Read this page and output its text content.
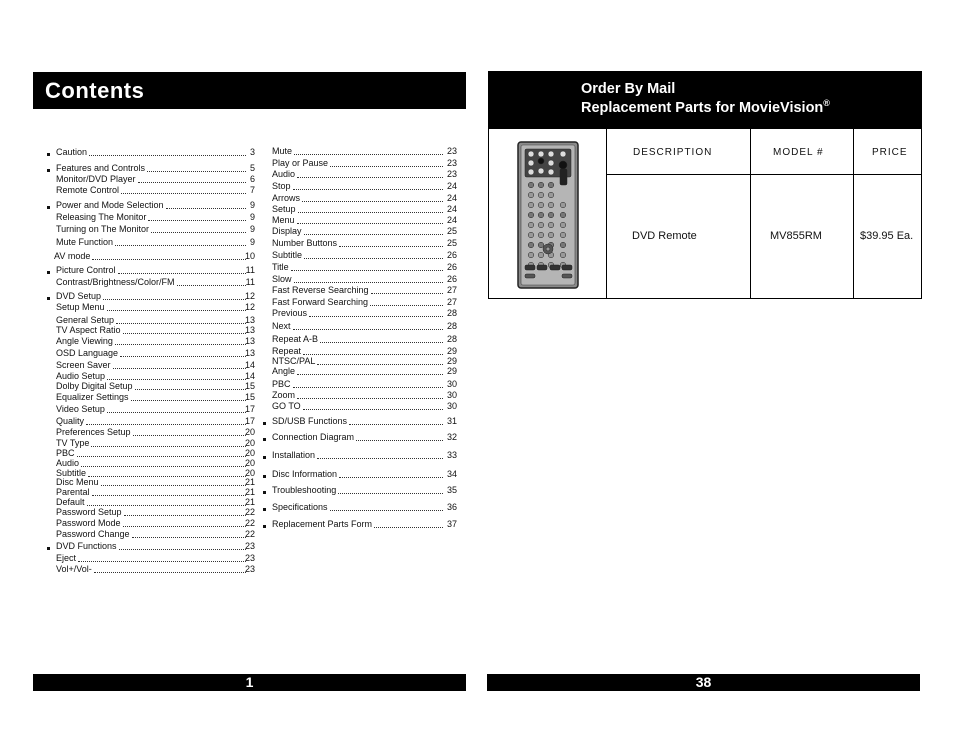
Contents
Caution	3
Features and Controls	5
Monitor/DVD Player	6
Remote Control	7
Power and Mode Selection	9
Releasing The Monitor	9
Turning on The Monitor	9
Mute Function	9
AV mode	10
Picture Control	11
Contrast/Brightness/Color/FM	11
DVD Setup	12
Setup Menu	12
General Setup	13
TV Aspect Ratio	13
Angle Viewing	13
OSD Language	13
Screen Saver	14
Audio Setup	14
Dolby Digital Setup	15
Equalizer Settings	15
Video Setup	17
Quality	17
Preferences Setup	20
TV Type	20
PBC	20
Audio	20
Subtitle	20
Disc Menu	21
Parental	21
Default	21
Password Setup	22
Password Mode	22
Password Change	22
DVD Functions	23
Eject	23
Vol+/Vol-	23
Mute	23
Play or Pause	23
Audio	23
Stop	24
Arrows	24
Setup	24
Menu	24
Display	25
Number Buttons	25
Subtitle	26
Title	26
Slow	26
Fast Reverse Searching	27
Fast Forward Searching	27
Previous	28
Next	28
Repeat A-B	28
Repeat	29
NTSC/PAL	29
Angle	29
PBC	30
Zoom	30
GO TO	30
SD/USB Functions	31
Connection Diagram	32
Installation	33
Disc Information	34
Troubleshooting	35
Specifications	36
Replacement Parts Form	37
1
Order By Mail
Replacement Parts for MovieVision®
DESCRIPTION	MODEL #	PRICE
DVD Remote	MV855RM	$39.95 Ea.
38
